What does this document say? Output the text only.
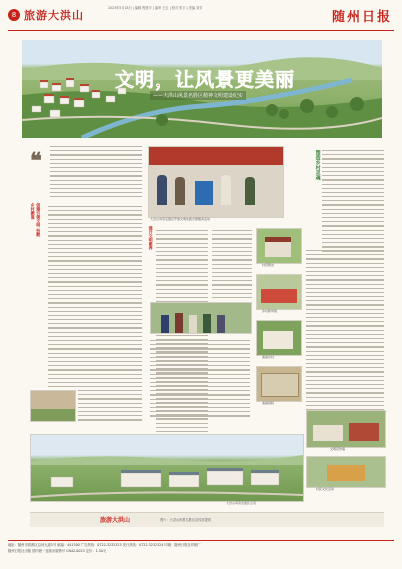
8 旅游大洪山
2023年5月18日 | 编辑 程建平 | 编审 王红 | 校对 张宇 | 美编 刘芳
随州日报
文明，让风景更美丽
——大洪山风景名胜区精神文明建设纪实
❝
创建引领文明 扮靓乡村颜值	大洪山风景名胜区开展文明实践志愿服务活动
提升文明素养
村容整洁
乡村新风貌
美丽乡村
美丽庭院
塑造乡村灵魂
文明宣传墙
村民文化活动
大洪山风景名胜区全景
旅游大洪山	图片：大洪山风景名胜区宣传部提供
地址：随州市曾都区沿河大道1号 邮编：441300 广告热线：0722-3232323 发行热线：0722-3232324 印刷：随州日报社印刷厂
随州日报社出版 国内统一连续出版物号 CN42-0023 定价：1.50元
